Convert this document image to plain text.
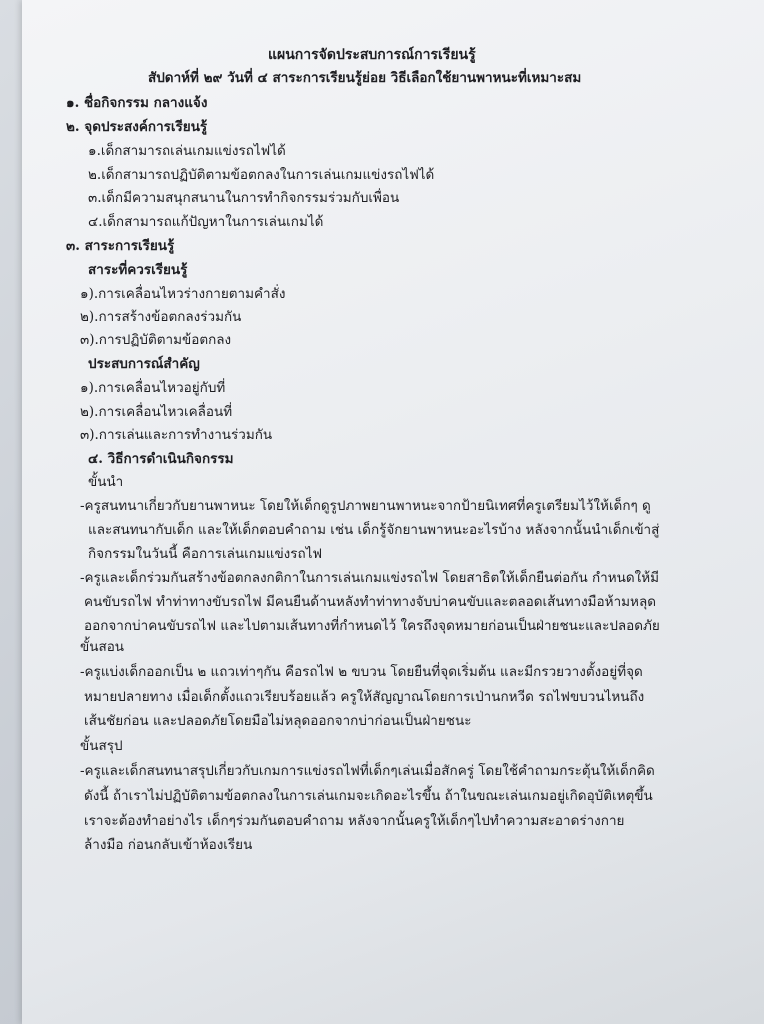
แผนการจัดประสบการณ์การเรียนรู้
สัปดาห์ที่ ๒๙ วันที่ ๔ สาระการเรียนรู้ย่อย วิธีเลือกใช้ยานพาหนะที่เหมาะสม
๑. ชื่อกิจกรรม กลางแจ้ง
๒. จุดประสงค์การเรียนรู้
๑.เด็กสามารถเล่นเกมแข่งรถไฟได้
๒.เด็กสามารถปฏิบัติตามข้อตกลงในการเล่นเกมแข่งรถไฟได้
๓.เด็กมีความสนุกสนานในการทำกิจกรรมร่วมกับเพื่อน
๔.เด็กสามารถแก้ปัญหาในการเล่นเกมได้
๓. สาระการเรียนรู้
สาระที่ควรเรียนรู้
๑).การเคลื่อนไหวร่างกายตามคำสั่ง
๒).การสร้างข้อตกลงร่วมกัน
๓).การปฏิบัติตามข้อตกลง
ประสบการณ์สำคัญ
๑).การเคลื่อนไหวอยู่กับที่
๒).การเคลื่อนไหวเคลื่อนที่
๓).การเล่นและการทำงานร่วมกัน
๔. วิธีการดำเนินกิจกรรม
ขั้นนำ
-ครูสนทนาเกี่ยวกับยานพาหนะ โดยให้เด็กดูรูปภาพยานพาหนะจากป้ายนิเทศที่ครูเตรียมไว้ให้เด็กๆ ดู
และสนทนากับเด็ก และให้เด็กตอบคำถาม เช่น เด็กรู้จักยานพาหนะอะไรบ้าง หลังจากนั้นนำเด็กเข้าสู่
กิจกรรมในวันนี้ คือการเล่นเกมแข่งรถไฟ
-ครูและเด็กร่วมกันสร้างข้อตกลงกติกาในการเล่นเกมแข่งรถไฟ โดยสาธิตให้เด็กยืนต่อกัน กำหนดให้มี
คนขับรถไฟ ทำท่าทางขับรถไฟ มีคนยืนด้านหลังทำท่าทางจับบ่าคนขับและตลอดเส้นทางมือห้ามหลุด
ออกจากบ่าคนขับรถไฟ และไปตามเส้นทางที่กำหนดไว้ ใครถึงจุดหมายก่อนเป็นฝ่ายชนะและปลอดภัย
ขั้นสอน
-ครูแบ่งเด็กออกเป็น ๒ แถวเท่าๆกัน คือรถไฟ ๒ ขบวน โดยยืนที่จุดเริ่มต้น และมีกรวยวางตั้งอยู่ที่จุด
หมายปลายทาง เมื่อเด็กตั้งแถวเรียบร้อยแล้ว ครูให้สัญญาณโดยการเป่านกหวีด รถไฟขบวนไหนถึง
เส้นชัยก่อน และปลอดภัยโดยมือไม่หลุดออกจากบ่าก่อนเป็นฝ่ายชนะ
ขั้นสรุป
-ครูและเด็กสนทนาสรุปเกี่ยวกับเกมการแข่งรถไฟที่เด็กๆเล่นเมื่อสักครู่ โดยใช้คำถามกระตุ้นให้เด็กคิด
ดังนี้ ถ้าเราไม่ปฏิบัติตามข้อตกลงในการเล่นเกมจะเกิดอะไรขึ้น ถ้าในขณะเล่นเกมอยู่เกิดอุบัติเหตุขึ้น
เราจะต้องทำอย่างไร เด็กๆร่วมกันตอบคำถาม หลังจากนั้นครูให้เด็กๆไปทำความสะอาดร่างกาย
ล้างมือ ก่อนกลับเข้าห้องเรียน
